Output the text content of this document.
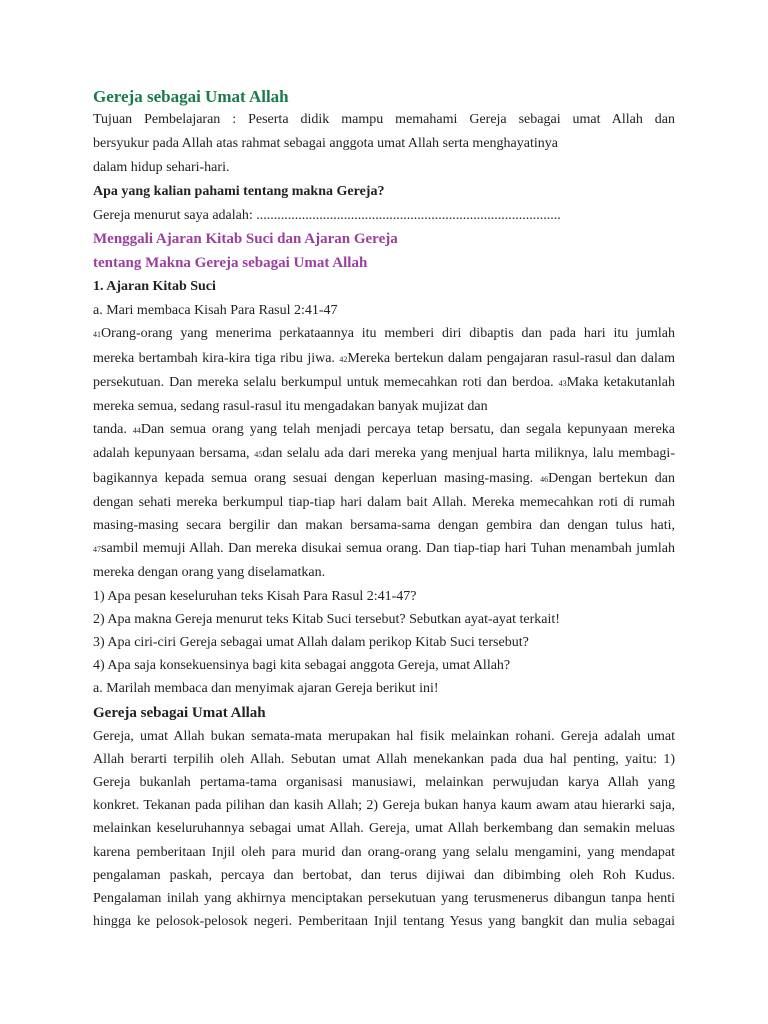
Gereja sebagai Umat Allah
Tujuan Pembelajaran : Peserta didik mampu memahami Gereja sebagai umat Allah dan
bersyukur pada Allah atas rahmat sebagai anggota umat Allah serta menghayatinya
dalam hidup sehari-hari.
Apa yang kalian pahami tentang makna Gereja?
Gereja menurut saya adalah: .......................................................................................
Menggali Ajaran Kitab Suci dan Ajaran Gereja
tentang Makna Gereja sebagai Umat Allah
1. Ajaran Kitab Suci
a. Mari membaca Kisah Para Rasul 2:41-47
41Orang-orang yang menerima perkataannya itu memberi diri dibaptis dan pada hari itu jumlah
mereka bertambah kira-kira tiga ribu jiwa. 42Mereka bertekun dalam pengajaran rasul-rasul dan dalam
persekutuan. Dan mereka selalu berkumpul untuk memecahkan roti dan berdoa. 43Maka ketakutanlah
mereka semua, sedang rasul-rasul itu mengadakan banyak mujizat dan
tanda. 44Dan semua orang yang telah menjadi percaya tetap bersatu, dan segala kepunyaan mereka
adalah kepunyaan bersama, 45dan selalu ada dari mereka yang menjual harta miliknya, lalu membagi-
bagikannya kepada semua orang sesuai dengan keperluan masing-masing. 46Dengan bertekun dan
dengan sehati mereka berkumpul tiap-tiap hari dalam bait Allah. Mereka memecahkan roti di rumah
masing-masing secara bergilir dan makan bersama-sama dengan gembira dan dengan tulus hati,
47sambil memuji Allah. Dan mereka disukai semua orang. Dan tiap-tiap hari Tuhan menambah jumlah
mereka dengan orang yang diselamatkan.
1) Apa pesan keseluruhan teks Kisah Para Rasul 2:41-47?
2) Apa makna Gereja menurut teks Kitab Suci tersebut? Sebutkan ayat-ayat terkait!
3) Apa ciri-ciri Gereja sebagai umat Allah dalam perikop Kitab Suci tersebut?
4) Apa saja konsekuensinya bagi kita sebagai anggota Gereja, umat Allah?
a. Marilah membaca dan menyimak ajaran Gereja berikut ini!
Gereja sebagai Umat Allah
Gereja, umat Allah bukan semata-mata merupakan hal fisik melainkan rohani. Gereja adalah umat
Allah berarti terpilih oleh Allah. Sebutan umat Allah menekankan pada dua hal penting, yaitu: 1)
Gereja bukanlah pertama-tama organisasi manusiawi, melainkan perwujudan karya Allah yang
konkret. Tekanan pada pilihan dan kasih Allah; 2) Gereja bukan hanya kaum awam atau hierarki saja,
melainkan keseluruhannya sebagai umat Allah. Gereja, umat Allah berkembang dan semakin meluas
karena pemberitaan Injil oleh para murid dan orang-orang yang selalu mengamini, yang mendapat
pengalaman paskah, percaya dan bertobat, dan terus dijiwai dan dibimbing oleh Roh Kudus.
Pengalaman inilah yang akhirnya menciptakan persekutuan yang terusmenerus dibangun tanpa henti
hingga ke pelosok-pelosok negeri. Pemberitaan Injil tentang Yesus yang bangkit dan mulia sebagai
